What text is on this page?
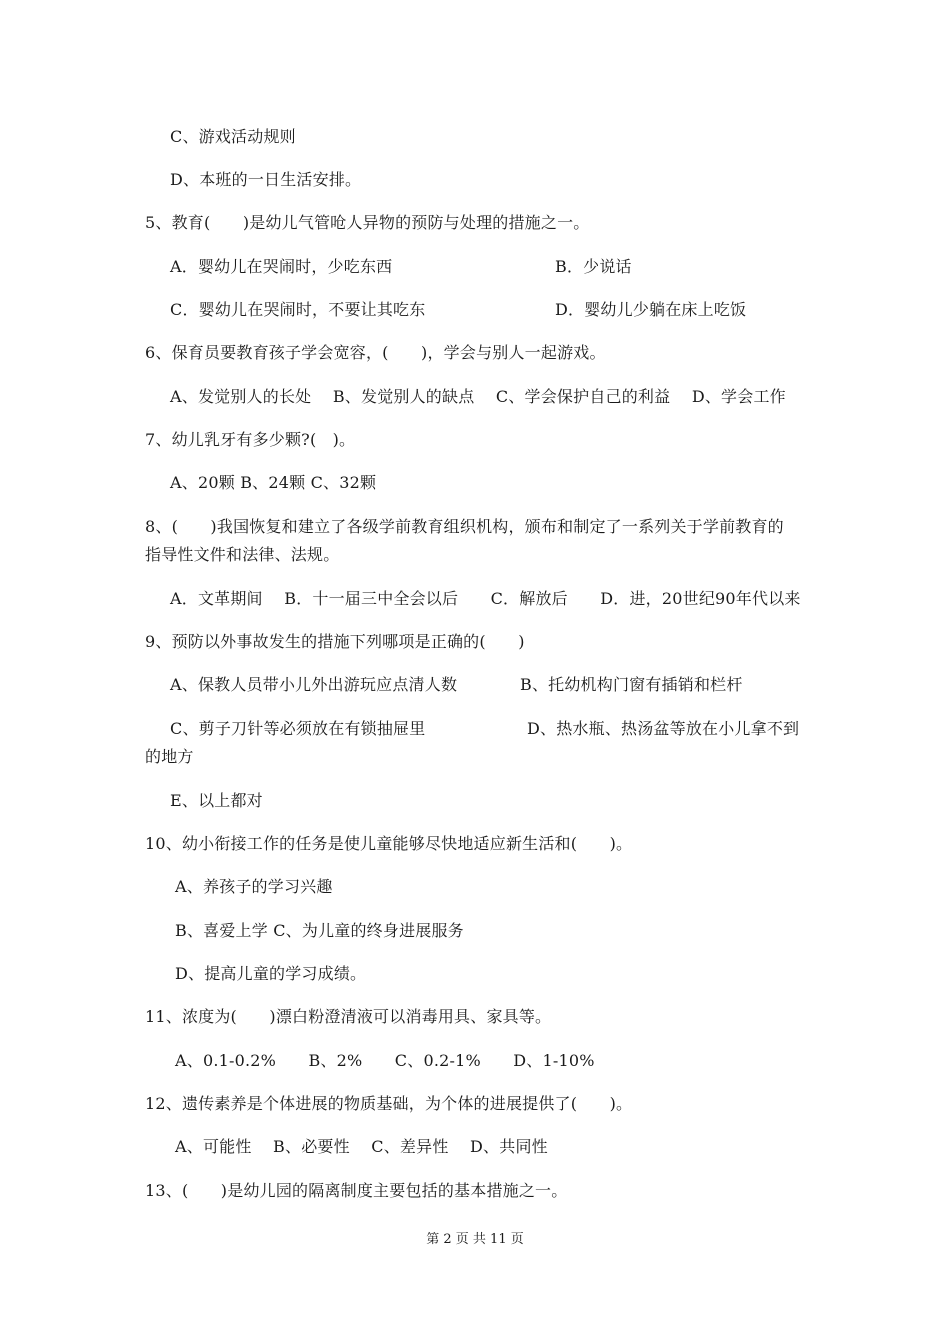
C、游戏活动规则
D、本班的一日生活安排。
5、教育(　　)是幼儿气管呛人异物的预防与处理的措施之一。
A．婴幼儿在哭闹时，少吃东西	B．少说话
C．婴幼儿在哭闹时，不要让其吃东	D．婴幼儿少躺在床上吃饭
6、保育员要教育孩子学会宽容，(　　)，学会与别人一起游戏。
A、发觉别人的长处　 B、发觉别人的缺点　 C、学会保护自己的利益　 D、学会工作
7、幼儿乳牙有多少颗?(　)。
A、20颗 B、24颗 C、32颗
8、(　　)我国恢复和建立了各级学前教育组织机构，颁布和制定了一系列关于学前教育的
指导性文件和法律、法规。
A．文革期间　 B．十一届三中全会以后　　C．解放后　　D．进，20世纪90年代以来
9、预防以外事故发生的措施下列哪项是正确的(　　)
A、保教人员带小儿外出游玩应点清人数	B、托幼机构门窗有插销和栏杆
C、剪子刀针等必须放在有锁抽屉里	D、热水瓶、热汤盆等放在小儿拿不到
的地方
E、以上都对
10、幼小衔接工作的任务是使儿童能够尽快地适应新生活和(　　)。
A、养孩子的学习兴趣
B、喜爱上学 C、为儿童的终身进展服务
D、提高儿童的学习成绩。
11、浓度为(　　)漂白粉澄清液可以消毒用具、家具等。
A、0.1-0.2%　　B、2%　　C、0.2-1%　　D、1-10%
12、遗传素养是个体进展的物质基础，为个体的进展提供了(　　)。
A、可能性　 B、必要性　 C、差异性　 D、共同性
13、(　　)是幼儿园的隔离制度主要包括的基本措施之一。
第 2 页 共 11 页
